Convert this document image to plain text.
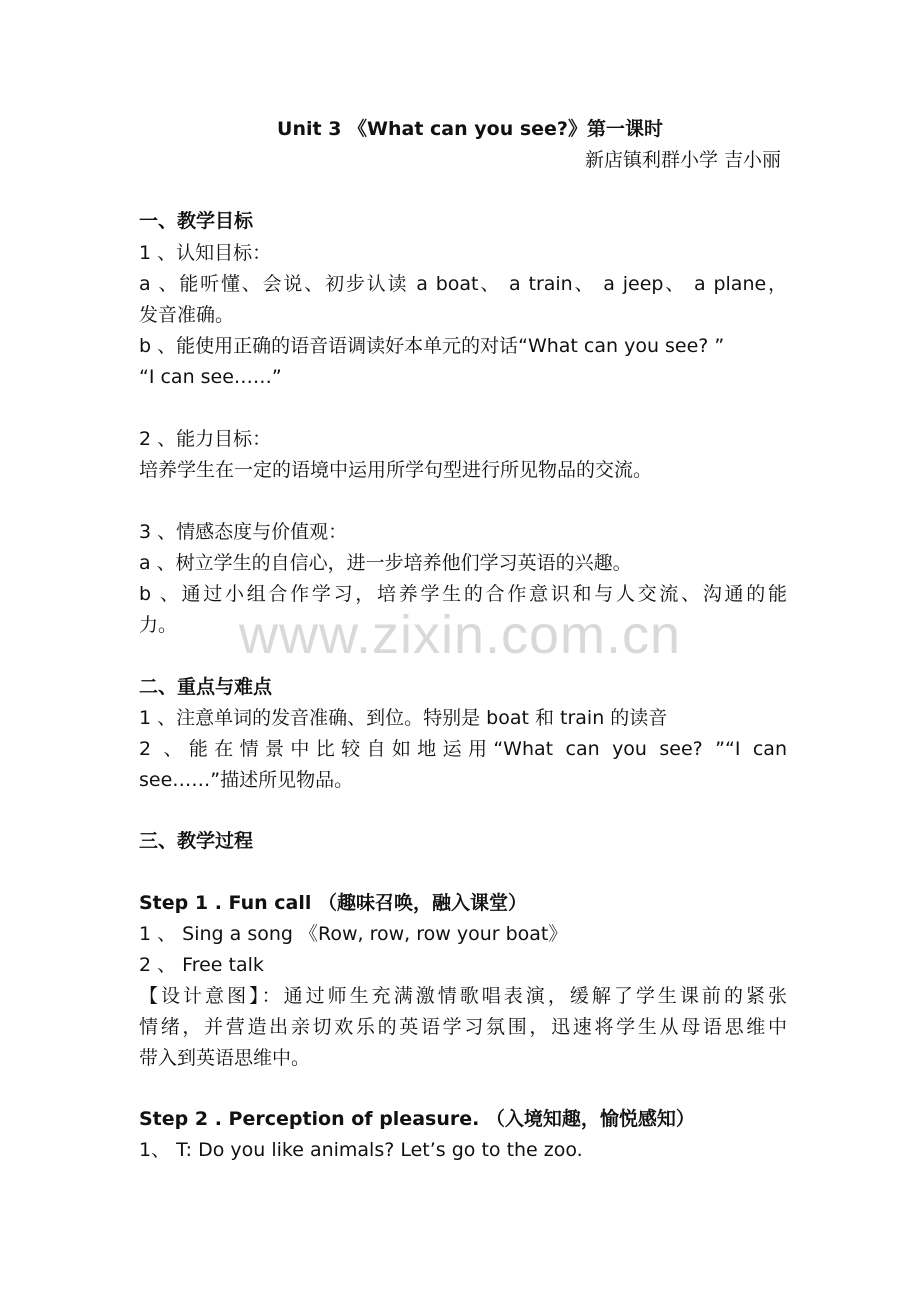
Unit 3 《What can you see?》第一课时
新店镇利群小学 吉小丽
一、教学目标
1 、认知目标：
a 、能听懂、会说、初步认读 a boat、 a train、 a jeep、 a plane，
发音准确。
b 、能使用正确的语音语调读好本单元的对话“What can you see? ”
“I can see……”
2 、能力目标：
培养学生在一定的语境中运用所学句型进行所见物品的交流。
3 、情感态度与价值观：
a 、树立学生的自信心，进一步培养他们学习英语的兴趣。
b 、通过小组合作学习，培养学生的合作意识和与人交流、沟通的能
力。	www.zixin.com.cn
二、重点与难点
1 、注意单词的发音准确、到位。特别是 boat 和 train 的读音
2 、能在情景中比较自如地运用“What can you see? ”“I can
see……”描述所见物品。
三、教学过程
Step 1 . Fun call （趣味召唤，融入课堂）
1 、 Sing a song 《Row, row, row your boat》
2 、 Free talk
【设计意图】：通过师生充满激情歌唱表演，缓解了学生课前的紧张
情绪，并营造出亲切欢乐的英语学习氛围，迅速将学生从母语思维中
带入到英语思维中。
Step 2 . Perception of pleasure. （入境知趣，愉悦感知）
1、 T: Do you like animals? Let’s go to the zoo.
